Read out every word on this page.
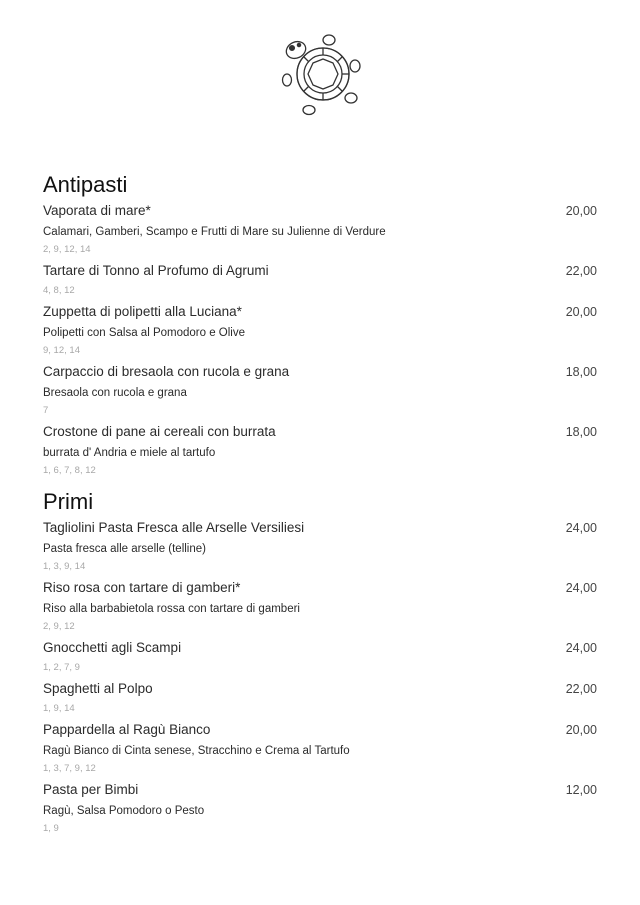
Antipasti
Vaporata di mare*	20,00
Calamari, Gamberi, Scampo e Frutti di Mare su Julienne di Verdure
2, 9, 12, 14
Tartare di Tonno al Profumo di Agrumi	22,00
4, 8, 12
Zuppetta di polipetti alla Luciana*	20,00
Polipetti con Salsa al Pomodoro e Olive
9, 12, 14
Carpaccio di bresaola con rucola e grana	18,00
Bresaola con rucola e grana
7
Crostone di pane ai cereali con burrata	18,00
burrata d' Andria e miele al tartufo
1, 6, 7, 8, 12
Primi
Tagliolini Pasta Fresca alle Arselle Versiliesi	24,00
Pasta fresca alle arselle (telline)
1, 3, 9, 14
Riso rosa con tartare di gamberi*	24,00
Riso alla barbabietola rossa con tartare di gamberi
2, 9, 12
Gnocchetti agli Scampi	24,00
1, 2, 7, 9
Spaghetti al Polpo	22,00
1, 9, 14
Pappardella al Ragù Bianco	20,00
Ragù Bianco di Cinta senese, Stracchino e Crema al Tartufo
1, 3, 7, 9, 12
Pasta per Bimbi	12,00
Ragù, Salsa Pomodoro o Pesto
1, 9
